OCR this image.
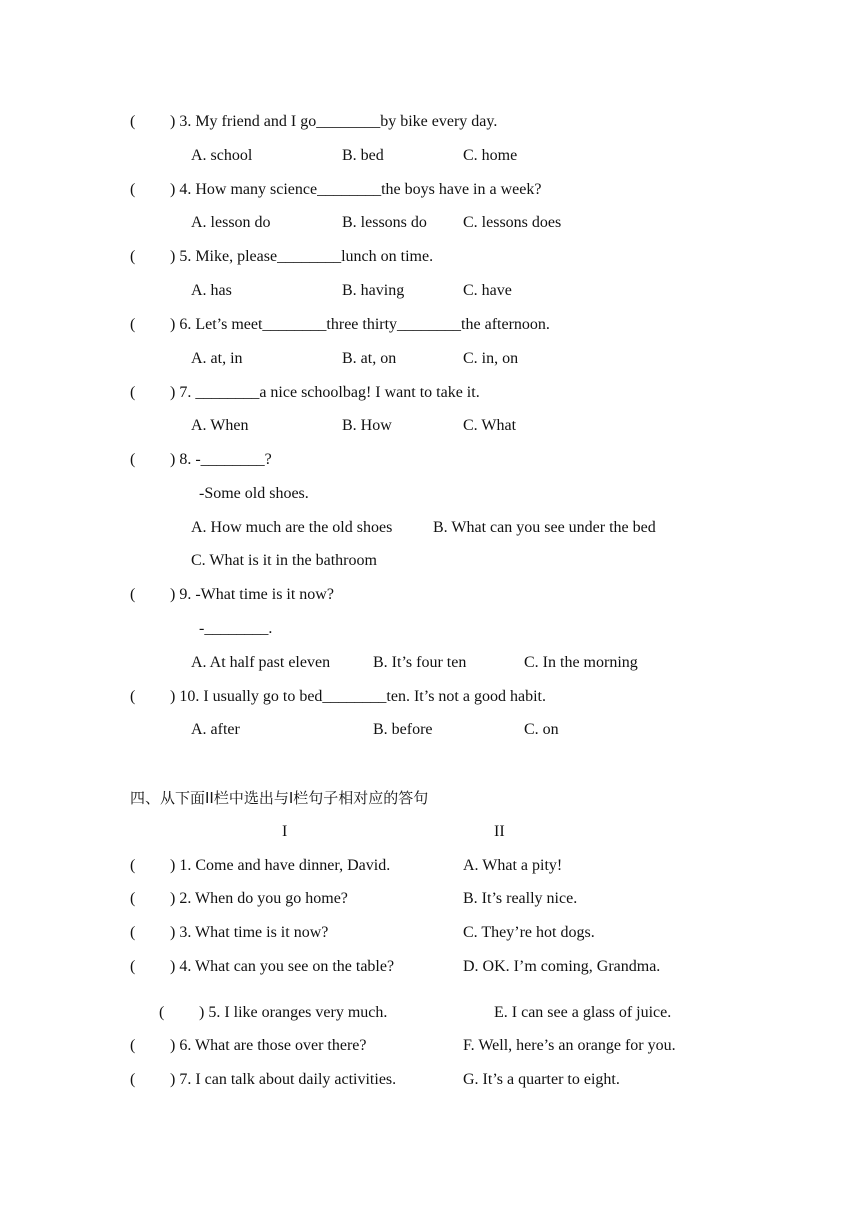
( ) 3. My friend and I go________by bike every day.
A. school	B. bed	C. home
( ) 4. How many science________the boys have in a week?
A. lesson do	B. lessons do C. lessons does
( ) 5. Mike, please________lunch on time.
A. has	B. having	C. have
( ) 6. Let’s meet________three thirty________the afternoon.
A. at, in	B. at, on	C. in, on
( ) 7. ________a nice schoolbag! I want to take it.
A. When	B. How	C. What
( ) 8. -________?
-Some old shoes.
A. How much are the old shoes	B. What can you see under the bed
C. What is it in the bathroom
( ) 9. -What time is it now?
-________.
A. At half past eleven	B. It’s four ten	C. In the morning
( ) 10. I usually go to bed________ten. It’s not a good habit.
A. after	B. before	C. on
四、从下面II栏中选出与I栏句子相对应的答句
I	II
( ) 1. Come and have dinner, David.	A. What a pity!
( ) 2. When do you go home?	B. It’s really nice.
( ) 3. What time is it now?	C. They’re hot dogs.
( ) 4. What can you see on the table?	D. OK. I’m coming, Grandma.
( ) 5. I like oranges very much.	E. I can see a glass of juice.
( ) 6. What are those over there?	F. Well, here’s an orange for you.
( ) 7. I can talk about daily activities.	G. It’s a quarter to eight.
